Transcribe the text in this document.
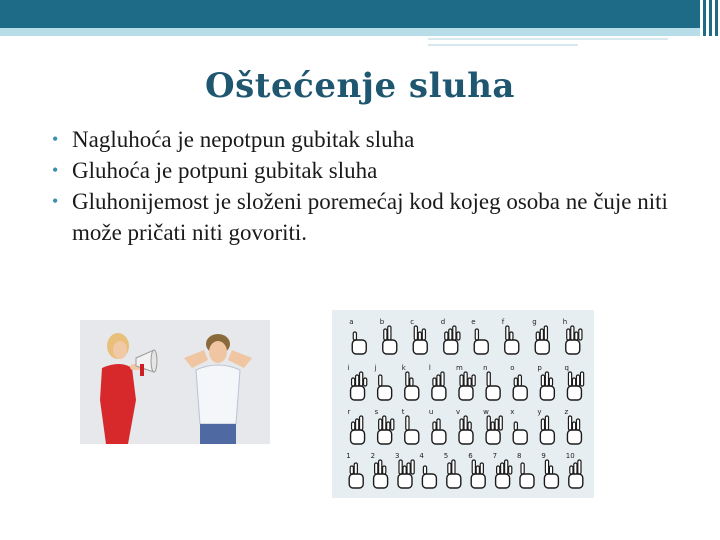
Oštećenje sluha
• Nagluhoća je nepotpun gubitak sluha
• Gluhoća je potpuni gubitak sluha
• Gluhonijemost je složeni poremećaj kod kojeg osoba ne čuje niti može pričati niti govoriti.
a	b	c	d	e	f	g	h
i	j	k	l	m	n	o	p	q
r	s	t	u	v	w	x	y	z
1	2	3	4	5	6	7	8	9	10
